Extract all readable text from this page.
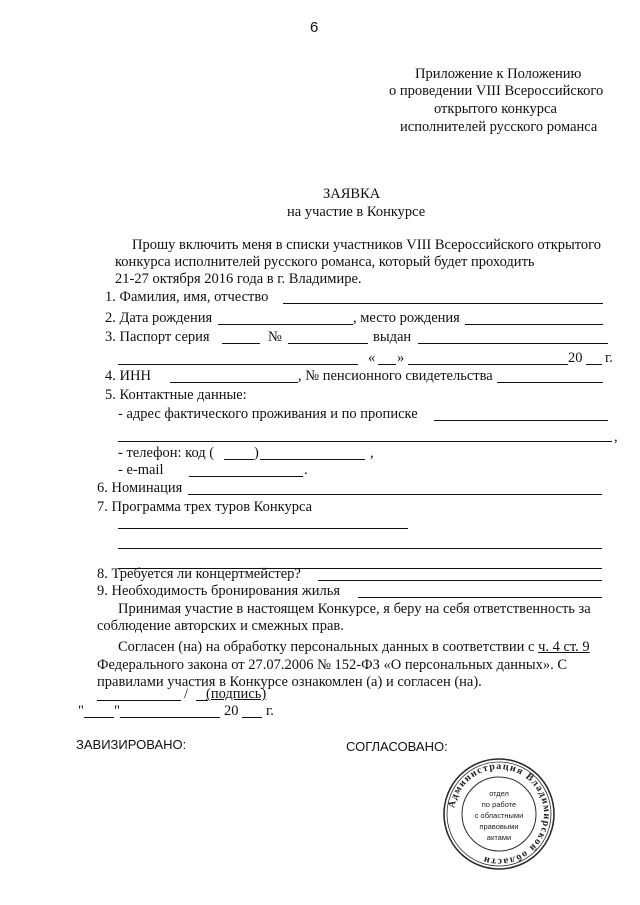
6
Приложение к Положению
о проведении VIII Всероссийского
открытого конкурса
исполнителей русского романса
ЗАЯВКА
на участие в Конкурсе
Прошу включить меня в списки участников VIII Всероссийского открытого
конкурса исполнителей русского романса, который будет проходить
21-27 октября 2016 года в г. Владимире.
1. Фамилия, имя, отчество
2. Дата рождения	, место рождения
3. Паспорт серия	№	выдан
« »	20 г.
4. ИНН	, № пенсионного свидетельства
5. Контактные данные:
- адрес фактического проживания и по прописке
,
- телефон: код (	)	,
- e-mail	.
6. Номинация
7. Программа трех туров Конкурса
8. Требуется ли концертмейстер?
9. Необходимость бронирования жилья
Принимая участие в настоящем Конкурсе, я беру на себя ответственность за
соблюдение авторских и смежных прав.
Согласен (на) на обработку персональных данных в соответствии с ч. 4 ст. 9
Федерального закона от 27.07.2006 № 152-ФЗ «О персональных данных». С
правилами участия в Конкурсе ознакомлен (а) и согласен (на).
/ (подпись)
" "	20 г.
ЗАВИЗИРОВАНО:	СОГЛАСОВАНО:
Администрация Владимирской области
отдел
по работе
с областными
правовыми
актами
